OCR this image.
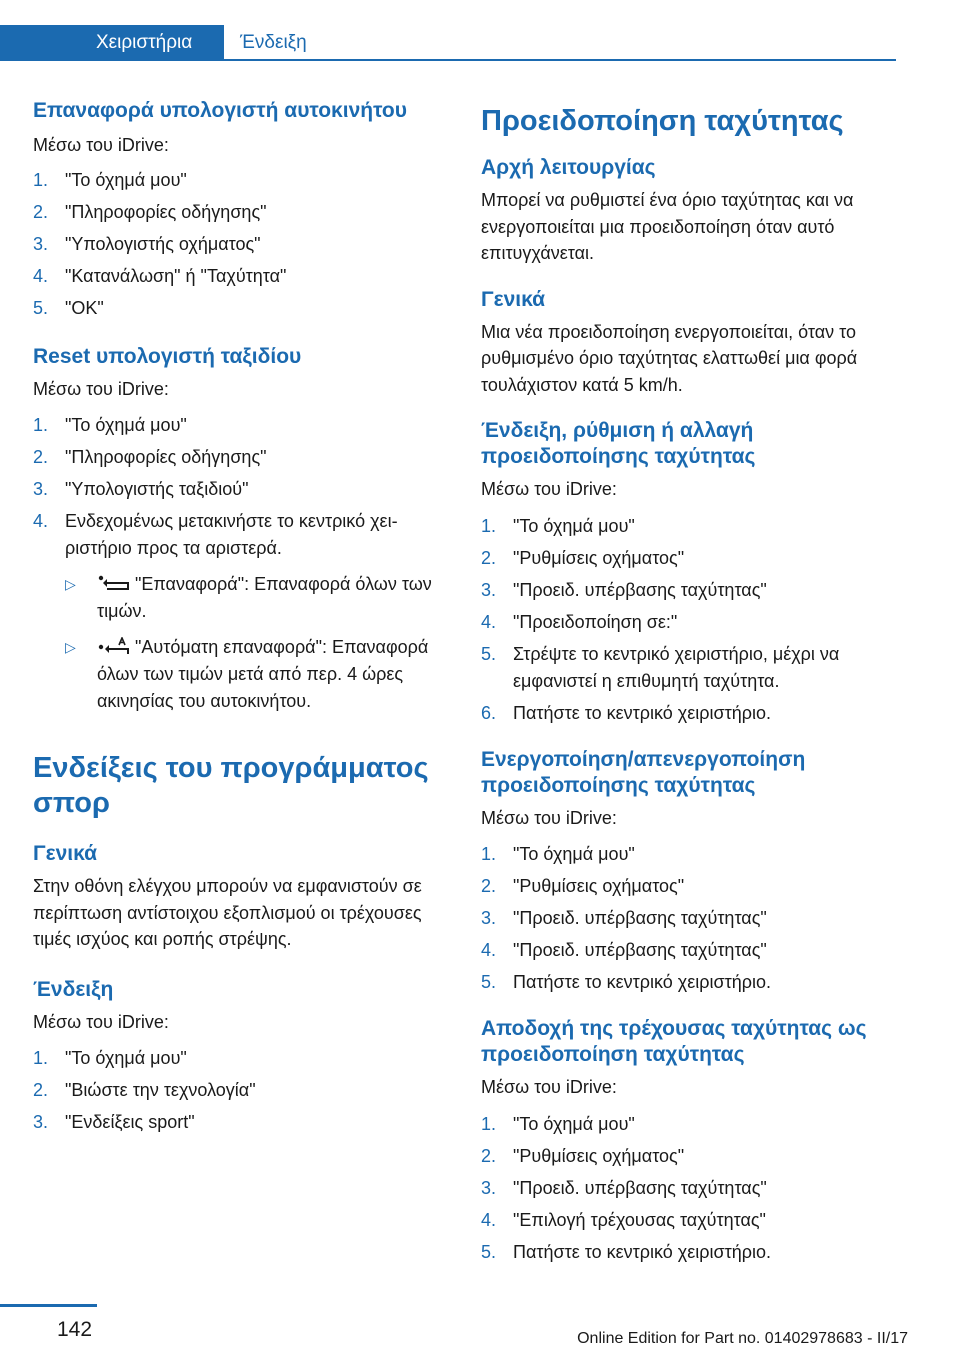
Χειριστήρια	Ένδειξη
Επαναφορά υπολογιστή αυτοκινήτου

Μέσω του iDrive:

1. "Το όχημά μου"
2. "Πληροφορίες οδήγησης"
3. "Υπολογιστής οχήματος"
4. "Κατανάλωση" ή "Ταχύτητα"
5. "OK"
Reset υπολογιστή ταξιδίου

Μέσω του iDrive:

1. "Το όχημά μου"
2. "Πληροφορίες οδήγησης"
3. "Υπολογιστής ταξιδιού"
4. Ενδεχομένως μετακινήστε το κεντρικό χειριστήριο προς τα αριστερά.
▷	"Επαναφορά": Επαναφορά όλων των τιμών.
▷	"Αυτόματη επαναφορά": Επαναφορά όλων των τιμών μετά από περ. 4 ώρες ακινησίας του αυτοκινήτου.
Ενδείξεις του προγράμματος σπορ
Γενικά

Στην οθόνη ελέγχου μπορούν να εμφανιστούν σε περίπτωση αντίστοιχου εξοπλισμού οι τρέχουσες τιμές ισχύος και ροπής στρέψης.

Ένδειξη

Μέσω του iDrive:

1. "Το όχημά μου"
2. "Βιώστε την τεχνολογία"
3. "Ενδείξεις sport"
Προειδοποίηση ταχύτητας
Αρχή λειτουργίας

Μπορεί να ρυθμιστεί ένα όριο ταχύτητας και να ενεργοποιείται μια προειδοποίηση όταν αυτό επιτυγχάνεται.

Γενικά

Μια νέα προειδοποίηση ενεργοποιείται, όταν το ρυθμισμένο όριο ταχύτητας ελαττωθεί μια φορά τουλάχιστον κατά 5 km/h.

Ένδειξη, ρύθμιση ή αλλαγή προειδοποίησης ταχύτητας

Μέσω του iDrive:

1. "Το όχημά μου"
2. "Ρυθμίσεις οχήματος"
3. "Προειδ. υπέρβασης ταχύτητας"
4. "Προειδοποίηση σε:"
5. Στρέψτε το κεντρικό χειριστήριο, μέχρι να εμφανιστεί η επιθυμητή ταχύτητα.
6. Πατήστε το κεντρικό χειριστήριο.
Ενεργοποίηση/απενεργοποίηση προειδοποίησης ταχύτητας

Μέσω του iDrive:

1. "Το όχημά μου"
2. "Ρυθμίσεις οχήματος"
3. "Προειδ. υπέρβασης ταχύτητας"
4. "Προειδ. υπέρβασης ταχύτητας"
5. Πατήστε το κεντρικό χειριστήριο.
Αποδοχή της τρέχουσας ταχύτητας ως προειδοποίηση ταχύτητας

Μέσω του iDrive:

1. "Το όχημά μου"
2. "Ρυθμίσεις οχήματος"
3. "Προειδ. υπέρβασης ταχύτητας"
4. "Επιλογή τρέχουσας ταχύτητας"
5. Πατήστε το κεντρικό χειριστήριο.
142	Online Edition for Part no. 01402978683 - II/17
